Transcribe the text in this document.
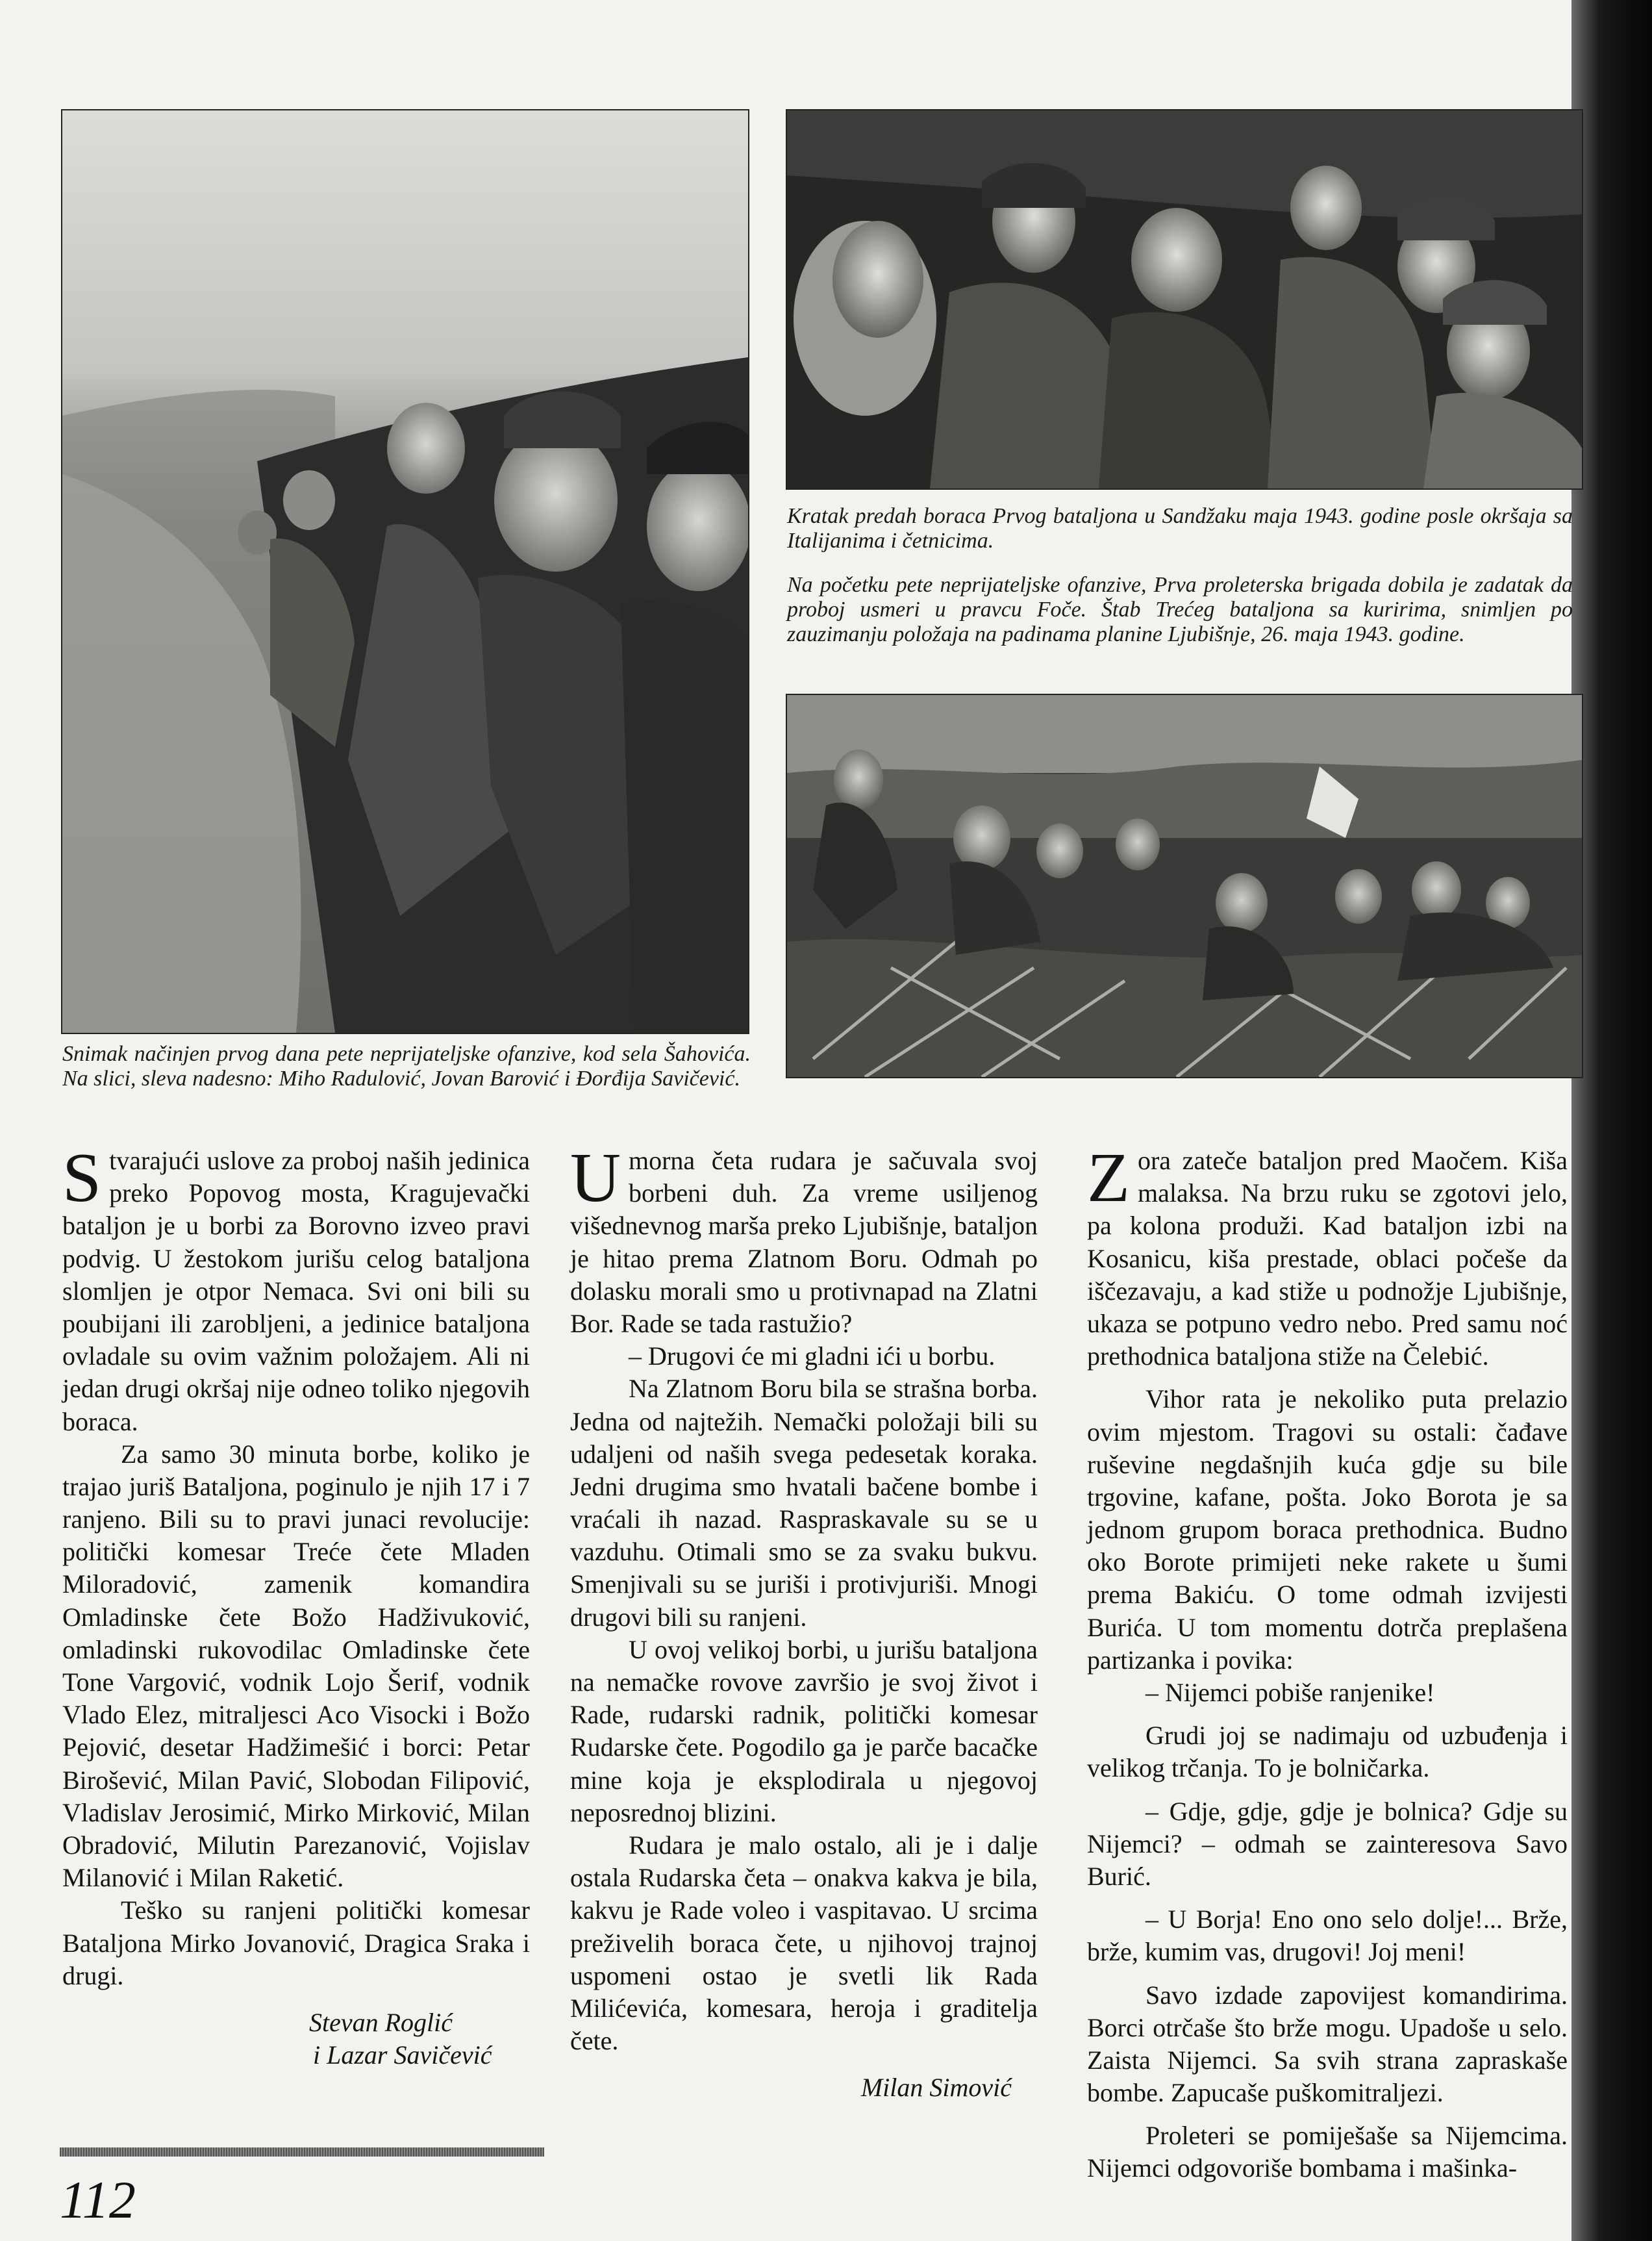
Kratak predah boraca Prvog bataljona u Sandžaku maja 1943. godine posle okršaja sa Italijanima i četnicima.

Na početku pete neprijateljske ofanzive, Prva proleterska brigada dobila je zadatak da proboj usmeri u pravcu Foče. Štab Trećeg bataljona sa kuririma, snimljen po zauzimanju položaja na padinama planine Ljubišnje, 26. maja 1943. godine.

Snimak načinjen prvog dana pete neprijateljske ofanzive, kod sela Šahovića. Na slici, sleva nadesno: Miho Radulović, Jovan Barović i Đorđija Savičević.

Stvarajući uslove za proboj naših jedinica preko Popovog mosta, Kragujevački bataljon je u borbi za Borovno izveo pravi podvig. U žestokom jurišu celog bataljona slomljen je otpor Nemaca. Svi oni bili su poubijani ili zarobljeni, a jedinice bataljona ovladale su ovim važnim položajem. Ali ni jedan drugi okršaj nije odneo toliko njegovih boraca.

Za samo 30 minuta borbe, koliko je trajao juriš Bataljona, poginulo je njih 17 i 7 ranjeno. Bili su to pravi junaci revolucije: politički komesar Treće čete Mladen Miloradović, zamenik komandira Omladinske čete Božo Hadživuković, omladinski rukovodilac Omladinske čete Tone Vargović, vodnik Lojo Šerif, vodnik Vlado Elez, mitraljesci Aco Visocki i Božo Pejović, desetar Hadžimešić i borci: Petar Birošević, Milan Pavić, Slobodan Filipović, Vladislav Jerosimić, Mirko Mirković, Milan Obradović, Milutin Parezanović, Vojislav Milanović i Milan Raketić.

Teško su ranjeni politički komesar Bataljona Mirko Jovanović, Dragica Sraka i drugi.

Stevan Roglić
i Lazar Savičević

Umorna četa rudara je sačuvala svoj borbeni duh. Za vreme usiljenog višednevnog marša preko Ljubišnje, bataljon je hitao prema Zlatnom Boru. Odmah po dolasku morali smo u protivnapad na Zlatni Bor. Rade se tada rastužio?

– Drugovi će mi gladni ići u borbu.

Na Zlatnom Boru bila se strašna borba. Jedna od najtežih. Nemački položaji bili su udaljeni od naših svega pedesetak koraka. Jedni drugima smo hvatali bačene bombe i vraćali ih nazad. Raspraskavale su se u vazduhu. Otimali smo se za svaku bukvu. Smenjivali su se juriši i protivjuriši. Mnogi drugovi bili su ranjeni.

U ovoj velikoj borbi, u jurišu bataljona na nemačke rovove završio je svoj život i Rade, rudarski radnik, politički komesar Rudarske čete. Pogodilo ga je parče bacačke mine koja je eksplodirala u njegovoj neposrednoj blizini.

Rudara je malo ostalo, ali je i dalje ostala Rudarska četa – onakva kakva je bila, kakvu je Rade voleo i vaspitavao. U srcima preživelih boraca čete, u njihovoj trajnoj uspomeni ostao je svetli lik Rada Milićevića, komesara, heroja i graditelja čete.

Milan Simović

Zora zateče bataljon pred Maočem. Kiša malaksa. Na brzu ruku se zgotovi jelo, pa kolona produži. Kad bataljon izbi na Kosanicu, kiša prestade, oblaci počeše da iščezavaju, a kad stiže u podnožje Ljubišnje, ukaza se potpuno vedro nebo. Pred samu noć prethodnica bataljona stiže na Čelebić.

Vihor rata je nekoliko puta prelazio ovim mjestom. Tragovi su ostali: čađave ruševine negdašnjih kuća gdje su bile trgovine, kafane, pošta. Joko Borota je sa jednom grupom boraca prethodnica. Budno oko Borote primijeti neke rakete u šumi prema Bakiću. O tome odmah izvijesti Burića. U tom momentu dotrča preplašena partizanka i povika:

– Nijemci pobiše ranjenike!

Grudi joj se nadimaju od uzbuđenja i velikog trčanja. To je bolničarka.

– Gdje, gdje, gdje je bolnica? Gdje su Nijemci? – odmah se zainteresova Savo Burić.

– U Borja! Eno ono selo dolje!... Brže, brže, kumim vas, drugovi! Joj meni!

Savo izdade zapovijest komandirima. Borci otrčaše što brže mogu. Upadoše u selo. Zaista Nijemci. Sa svih strana zapraskaše bombe. Zapucaše puškomitraljezi.

Proleteri se pomiješaše sa Nijemcima. Nijemci odgovoriše bombama i mašinka-

112
